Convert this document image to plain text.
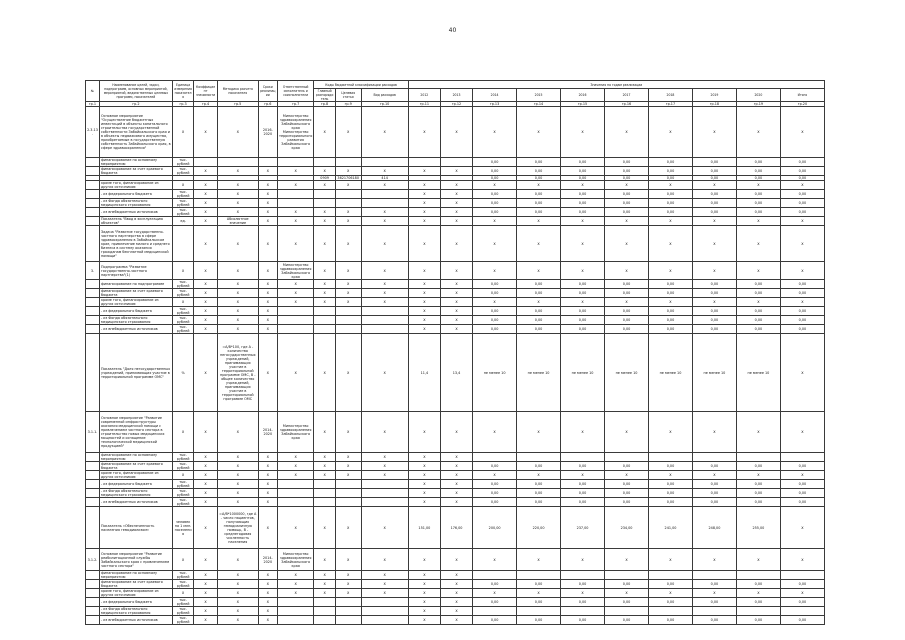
40
№	Наименование целей, задач, подпрограмм, основных мероприятий, мероприятий, ведомственных целевых программ, показателей	Единица измерения показателя	Коэффициент значимости	Методика расчета показателя	Сроки реализации	Ответственный исполнитель и соисполнители	Коды бюджетной классификации расходов			Значения по годам реализации									
							Главный распорядитель	Целевая статья	Вид расходов	2012	2013	2014	2015	2016	2017	2018	2019	2020	Итого
гр.1	гр.2	гр.3	гр.4	гр.5	гр.6	гр.7	гр.8	гр.9	гр.10	гр.11	гр.12	гр.13	гр.14	гр.15	гр.16	гр.17	гр.18	гр.19	гр.20
2.3.13.	Основное мероприятие "Осуществление бюджетных инвестиций в объекты капитального строительства государственной собственности Забайкальского края и в объекты недвижимого имущества, приобретаемые в государственную собственность Забайкальского края, в сфере здравоохранения"	Х	Х	Х	2016-2020	Министерство здравоохранения Забайкальского края Министерство территориального развития Забайкальского края	Х	Х	Х	Х	Х	Х	Х	Х	Х	Х	Х	Х	Х
	финансирование по основному мероприятию	тыс. рублей										0,00	0,00	0,00	0,00	0,00	0,00	0,00	0,00
	финансирование за счет краевого бюджета	тыс. рублей	Х	Х	Х	Х	Х	Х	Х	Х	Х	0,00	0,00	0,00	0,00	0,00	0,00	0,00	0,00
							0909	3621706180	414			0,00	0,00	0,00	0,00	0,00	0,00	0,00	0,00
	кроме того, финансирование из других источников:	Х	Х	Х	Х	Х	Х	Х	Х	Х	Х	Х	Х	Х	Х	Х	Х	Х	Х
	- из федерального бюджета	тыс. рублей	Х	Х	Х					Х	Х	0,00	0,00	0,00	0,00	0,00	0,00	0,00	0,00
	- из Фонда обязательного медицинского страхования	тыс. рублей	Х	Х	Х					Х	Х	0,00	0,00	0,00	0,00	0,00	0,00	0,00	0,00
	- из внебюджетных источников	тыс. рублей	Х	Х	Х	Х	Х	Х	Х	Х	Х	0,00	0,00	0,00	0,00	0,00	0,00	0,00	0,00
	Показатель "Ввод в эксплуатацию объектов"	ед.	Х	Абсолютное значение	Х	Х	Х	Х	Х	Х	Х	Х	Х	Х	Х	Х	Х	Х	Х
	Задача "Развитие государственно-частного партнерства в сфере здравоохранения в Забайкальском крае, привлечение малого и среднего бизнеса в систему оказания гражданам бесплатной медицинской помощи"		Х	Х	Х	Х	Х	Х	Х	Х	Х	Х	Х	Х	Х	Х	Х	Х	Х
3.	Подпрограмма "Развитие государственно-частного партнерства"(1)	Х	Х	Х	Х	Министерство здравоохранения Забайкальского края	Х	Х	Х	Х	Х	Х	Х	Х	Х	Х	Х	Х	Х
	финансирование по подпрограмме	тыс. рублей	Х	Х	Х	Х	Х	Х	Х	Х	Х	0,00	0,00	0,00	0,00	0,00	0,00	0,00	0,00
	финансирование за счет краевого бюджета	тыс. рублей	Х	Х	Х	Х	Х	Х	Х	Х	Х	0,00	0,00	0,00	0,00	0,00	0,00	0,00	0,00
	кроме того, финансирование из других источников:	Х	Х	Х	Х	Х	Х	Х	Х	Х	Х	Х	Х	Х	Х	Х	Х	Х	Х
	- из федерального бюджета	тыс. рублей	Х	Х	Х					Х	Х	0,00	0,00	0,00	0,00	0,00	0,00	0,00	0,00
	- из Фонда обязательного медицинского страхования	тыс. рублей	Х	Х	Х					Х	Х	0,00	0,00	0,00	0,00	0,00	0,00	0,00	0,00
	- из внебюджетных источников	тыс. рублей	Х	Х	Х					Х	Х	0,00	0,00	0,00	0,00	0,00	0,00	0,00	0,00
	Показатель "Доля негосударственных учреждений, принимающих участие в территориальной программе ОМС"	%	Х	=А/В*100, где А - количество негосударственных учреждений, принимающих участие в территориальной программе ОМС, В - общее количество учреждений, принимающих участие в территориальной программе ОМС	Х	Х	Х	Х	Х	11,4	13,4	не менее 10	не менее 10	не менее 10	не менее 10	не менее 10	не менее 10	не менее 10	Х
3.1.1.	Основное мероприятие "Развитие современной инфраструктуры оказания медицинской помощи с привлечением частного сектора в строительство новых медицинских мощностей и оснащение технологической медицинской продукцией"	Х	Х	Х	2014-2020	Министерство здравоохранения Забайкальского края	Х	Х	Х	Х	Х	Х	Х	Х	Х	Х	Х	Х	Х
	финансирование по основному мероприятию	тыс. рублей	Х	Х	Х	Х	Х	Х	Х	Х	Х								
	финансирование за счет краевого бюджета	тыс. рублей	Х	Х	Х	Х	Х	Х	Х	Х	Х	0,00	0,00	0,00	0,00	0,00	0,00	0,00	0,00
	кроме того, финансирование из других источников:	Х	Х	Х	Х	Х	Х	Х	Х	Х	Х	Х	Х	Х	Х	Х	Х	Х	Х
	- из федерального бюджета	тыс. рублей	Х	Х	Х					Х	Х	0,00	0,00	0,00	0,00	0,00	0,00	0,00	0,00
	- из Фонда обязательного медицинского страхования	тыс. рублей	Х	Х	Х					Х	Х	0,00	0,00	0,00	0,00	0,00	0,00	0,00	0,00
	- из внебюджетных источников	тыс. рублей	Х	Х	Х					Х	Х	0,00	0,00	0,00	0,00	0,00	0,00	0,00	0,00
	Показатель «Обеспеченность населения гемодиализом»	человек на 1 млн. населения	Х	=А/В*1000000, где А - число пациентов, получающих гемодиализную помощь, В - среднегодовая численность населения	Х	Х	Х	Х	Х	151,00	176,00	200,00	220,00	237,00	234,00	241,00	248,00	255,00	Х
3.1.2.	Основное мероприятие "Развитие реабилитационной службы Забайкальского края с привлечением частного сектора"	Х	Х	Х	2014-2020	Министерство здравоохранения Забайкальского края	Х	Х	Х	Х	Х	Х	Х	Х	Х	Х	Х	Х	Х
	финансирование по основному мероприятию	тыс. рублей	Х	Х	Х	Х	Х	Х	Х	Х	Х								
	финансирование за счет краевого бюджета	тыс. рублей	Х	Х	Х	Х	Х	Х	Х	Х	Х	0,00	0,00	0,00	0,00	0,00	0,00	0,00	0,00
	кроме того, финансирование из других источников:	Х	Х	Х	Х	Х	Х	Х	Х	Х	Х	Х	Х	Х	Х	Х	Х	Х	Х
	- из федерального бюджета	тыс. рублей	Х	Х	Х					Х	Х	0,00	0,00	0,00	0,00	0,00	0,00	0,00	0,00
	- из Фонда обязательного медицинского страхования	тыс. рублей	Х	Х	Х					Х	Х								
	- из внебюджетных источников	тыс. рублей	Х	Х	Х					Х	Х	0,00	0,00	0,00	0,00	0,00	0,00	0,00	0,00
